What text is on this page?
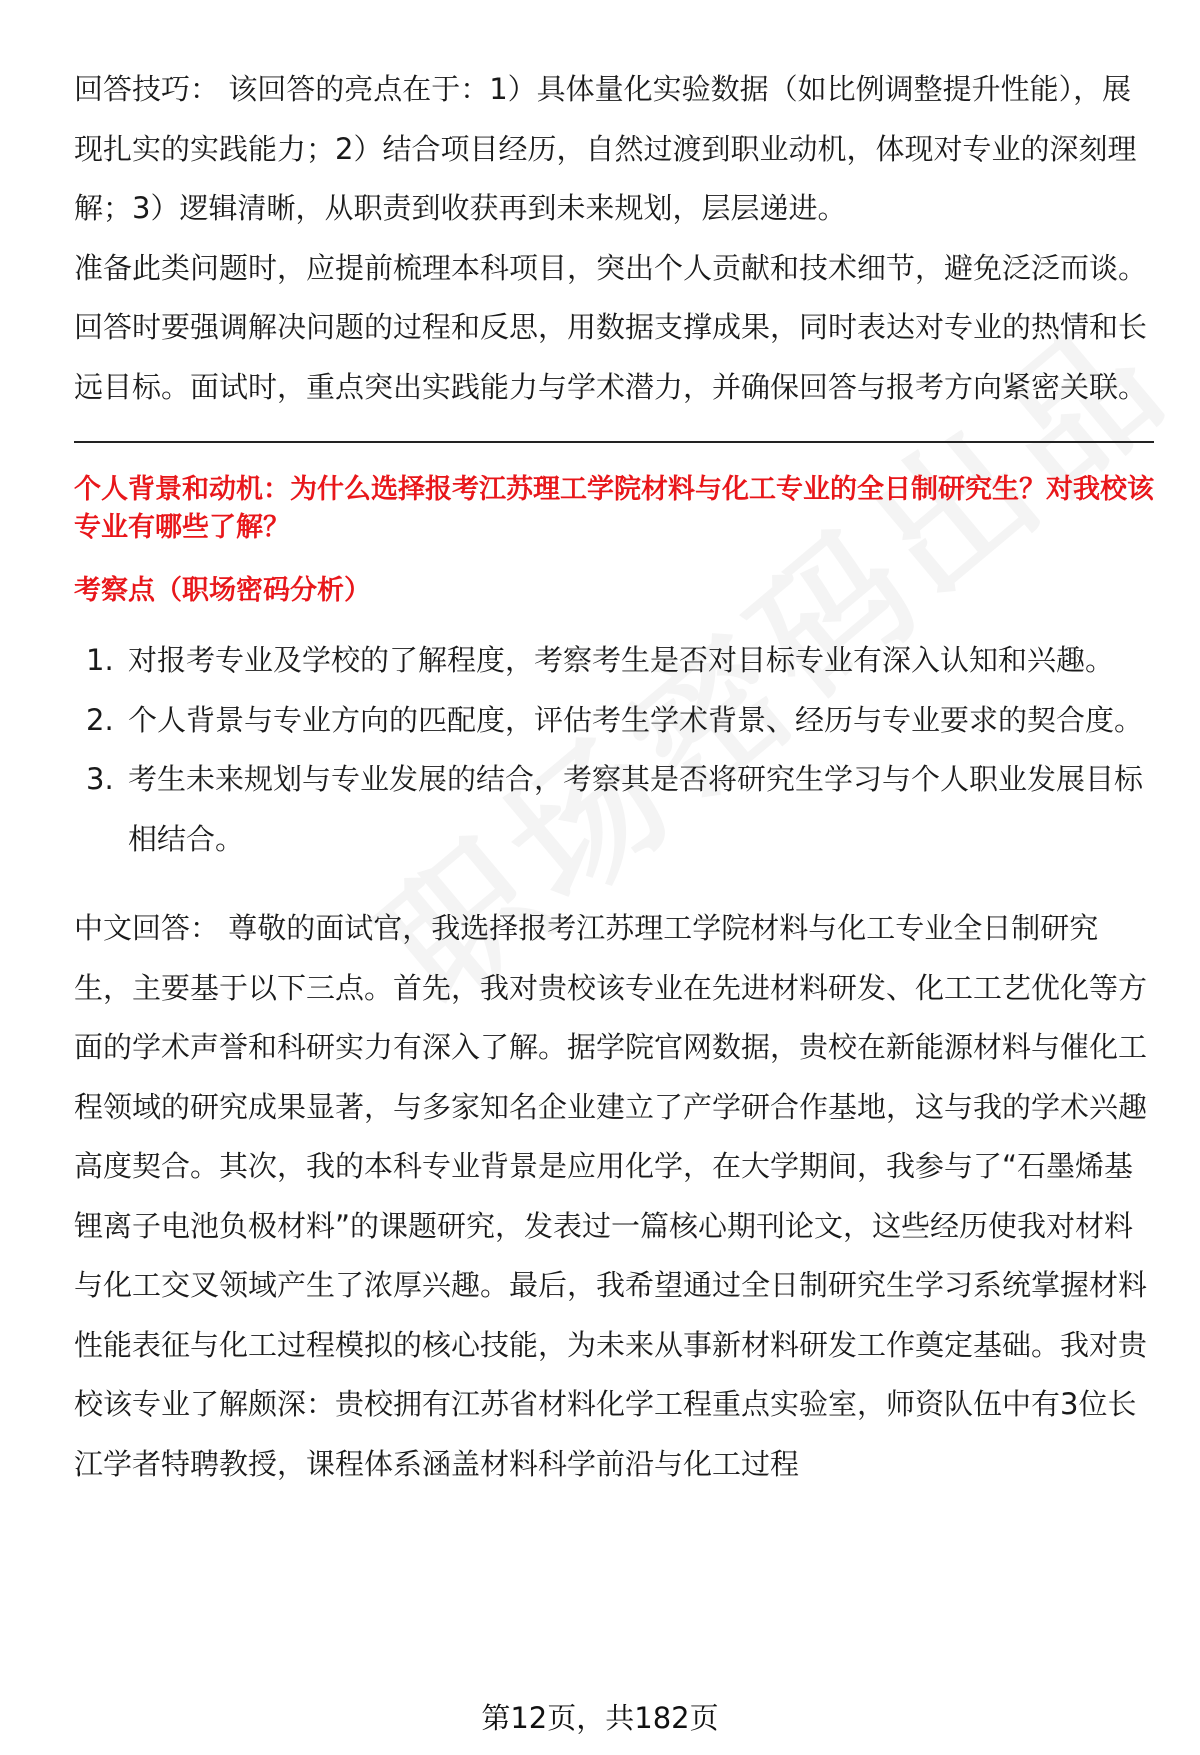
回答技巧： 该回答的亮点在于：1）具体量化实验数据（如比例调整提升性能），展现扎实的实践能力；2）结合项目经历，自然过渡到职业动机，体现对专业的深刻理解；3）逻辑清晰，从职责到收获再到未来规划，层层递进。

准备此类问题时，应提前梳理本科项目，突出个人贡献和技术细节，避免泛泛而谈。回答时要强调解决问题的过程和反思，用数据支撑成果，同时表达对专业的热情和长远目标。面试时，重点突出实践能力与学术潜力，并确保回答与报考方向紧密关联。

个人背景和动机：为什么选择报考江苏理工学院材料与化工专业的全日制研究生？对我校该专业有哪些了解？

考察点（职场密码分析）

1. 对报考专业及学校的了解程度，考察考生是否对目标专业有深入认知和兴趣。
2. 个人背景与专业方向的匹配度，评估考生学术背景、经历与专业要求的契合度。
3. 考生未来规划与专业发展的结合，考察其是否将研究生学习与个人职业发展目标相结合。

中文回答： 尊敬的面试官，我选择报考江苏理工学院材料与化工专业全日制研究生，主要基于以下三点。首先，我对贵校该专业在先进材料研发、化工工艺优化等方面的学术声誉和科研实力有深入了解。据学院官网数据，贵校在新能源材料与催化工程领域的研究成果显著，与多家知名企业建立了产学研合作基地，这与我的学术兴趣高度契合。其次，我的本科专业背景是应用化学，在大学期间，我参与了“石墨烯基锂离子电池负极材料”的课题研究，发表过一篇核心期刊论文，这些经历使我对材料与化工交叉领域产生了浓厚兴趣。最后，我希望通过全日制研究生学习系统掌握材料性能表征与化工过程模拟的核心技能，为未来从事新材料研发工作奠定基础。我对贵校该专业了解颇深：贵校拥有江苏省材料化学工程重点实验室，师资队伍中有3位长江学者特聘教授，课程体系涵盖材料科学前沿与化工过程

第12页，共182页
